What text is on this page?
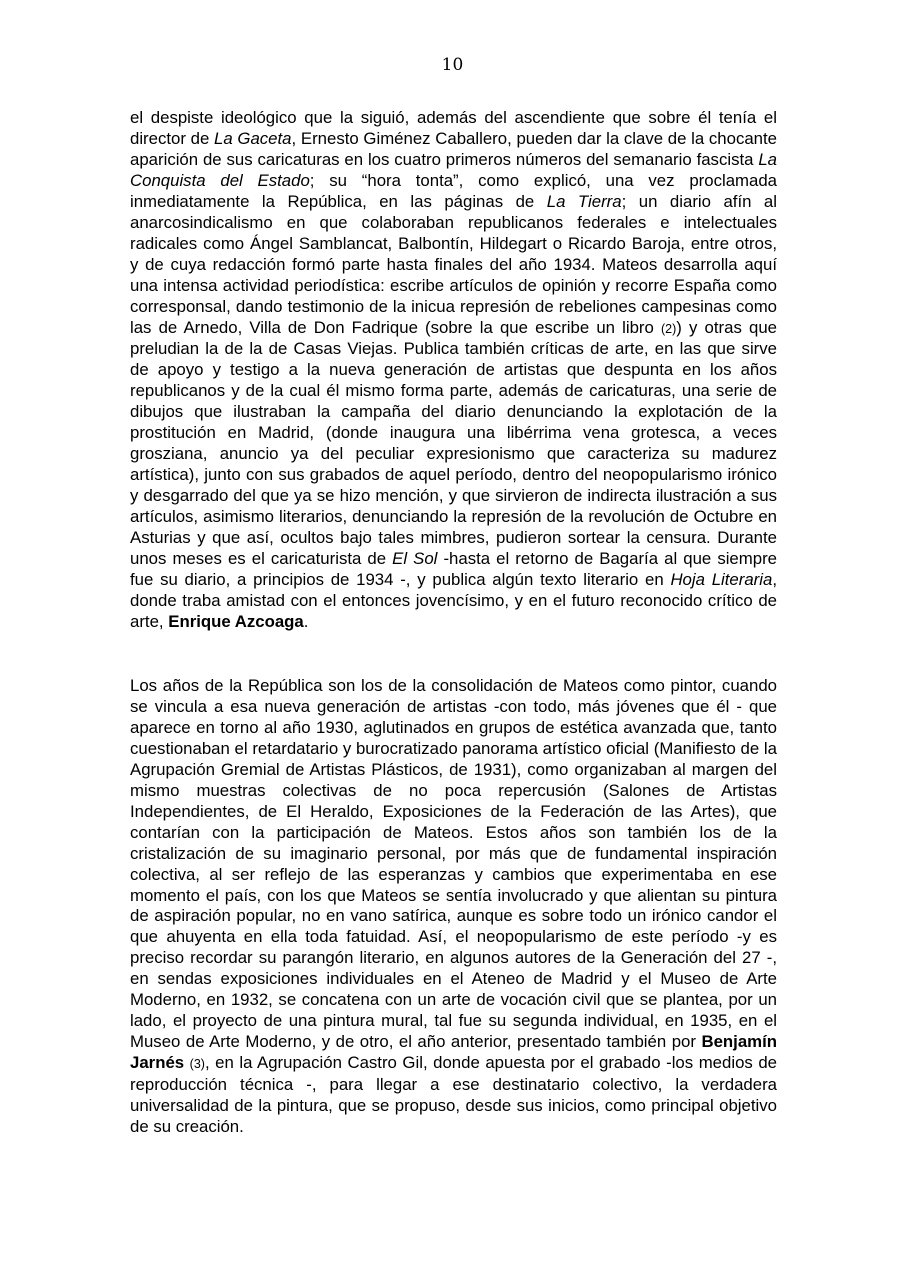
10

el despiste ideológico que la siguió, además del ascendiente que sobre él tenía el director de La Gaceta, Ernesto Giménez Caballero, pueden dar la clave de la chocante aparición de sus caricaturas en los cuatro primeros números del semanario fascista La Conquista del Estado; su “hora tonta”, como explicó, una vez proclamada inmediatamente la República, en las páginas de La Tierra; un diario afín al anarcosindicalismo en que colaboraban republicanos federales e intelectuales radicales como Ángel Samblancat, Balbontín, Hildegart o Ricardo Baroja, entre otros, y de cuya redacción formó parte hasta finales del año 1934. Mateos desarrolla aquí una intensa actividad periodística: escribe artículos de opinión y recorre España como corresponsal, dando testimonio de la inicua represión de rebeliones campesinas como las de Arnedo, Villa de Don Fadrique (sobre la que escribe un libro (2)) y otras que preludian la de la de Casas Viejas. Publica también críticas de arte, en las que sirve de apoyo y testigo a la nueva generación de artistas que despunta en los años republicanos y de la cual él mismo forma parte, además de caricaturas, una serie de dibujos que ilustraban la campaña del diario denunciando la explotación de la prostitución en Madrid, (donde inaugura una libérrima vena grotesca, a veces grosziana, anuncio ya del peculiar expresionismo que caracteriza su madurez artística), junto con sus grabados de aquel período, dentro del neopopularismo irónico y desgarrado del que ya se hizo mención, y que sirvieron de indirecta ilustración a sus artículos, asimismo literarios, denunciando la represión de la revolución de Octubre en Asturias y que así, ocultos bajo tales mimbres, pudieron sortear la censura. Durante unos meses es el caricaturista de El Sol -hasta el retorno de Bagaría al que siempre fue su diario, a principios de 1934 -, y publica algún texto literario en Hoja Literaria, donde traba amistad con el entonces jovencísimo, y en el futuro reconocido crítico de arte, Enrique Azcoaga.

Los años de la República son los de la consolidación de Mateos como pintor, cuando se vincula a esa nueva generación de artistas -con todo, más jóvenes que él - que aparece en torno al año 1930, aglutinados en grupos de estética avanzada que, tanto cuestionaban el retardatario y burocratizado panorama artístico oficial (Manifiesto de la Agrupación Gremial de Artistas Plásticos, de 1931), como organizaban al margen del mismo muestras colectivas de no poca repercusión (Salones de Artistas Independientes, de El Heraldo, Exposiciones de la Federación de las Artes), que contarían con la participación de Mateos. Estos años son también los de la cristalización de su imaginario personal, por más que de fundamental inspiración colectiva, al ser reflejo de las esperanzas y cambios que experimentaba en ese momento el país, con los que Mateos se sentía involucrado y que alientan su pintura de aspiración popular, no en vano satírica, aunque es sobre todo un irónico candor el que ahuyenta en ella toda fatuidad. Así, el neopopularismo de este período -y es preciso recordar su parangón literario, en algunos autores de la Generación del 27 -, en sendas exposiciones individuales en el Ateneo de Madrid y el Museo de Arte Moderno, en 1932, se concatena con un arte de vocación civil que se plantea, por un lado, el proyecto de una pintura mural, tal fue su segunda individual, en 1935, en el Museo de Arte Moderno, y de otro, el año anterior, presentado también por Benjamín Jarnés (3), en la Agrupación Castro Gil, donde apuesta por el grabado -los medios de reproducción técnica -, para llegar a ese destinatario colectivo, la verdadera universalidad de la pintura, que se propuso, desde sus inicios, como principal objetivo de su creación.
